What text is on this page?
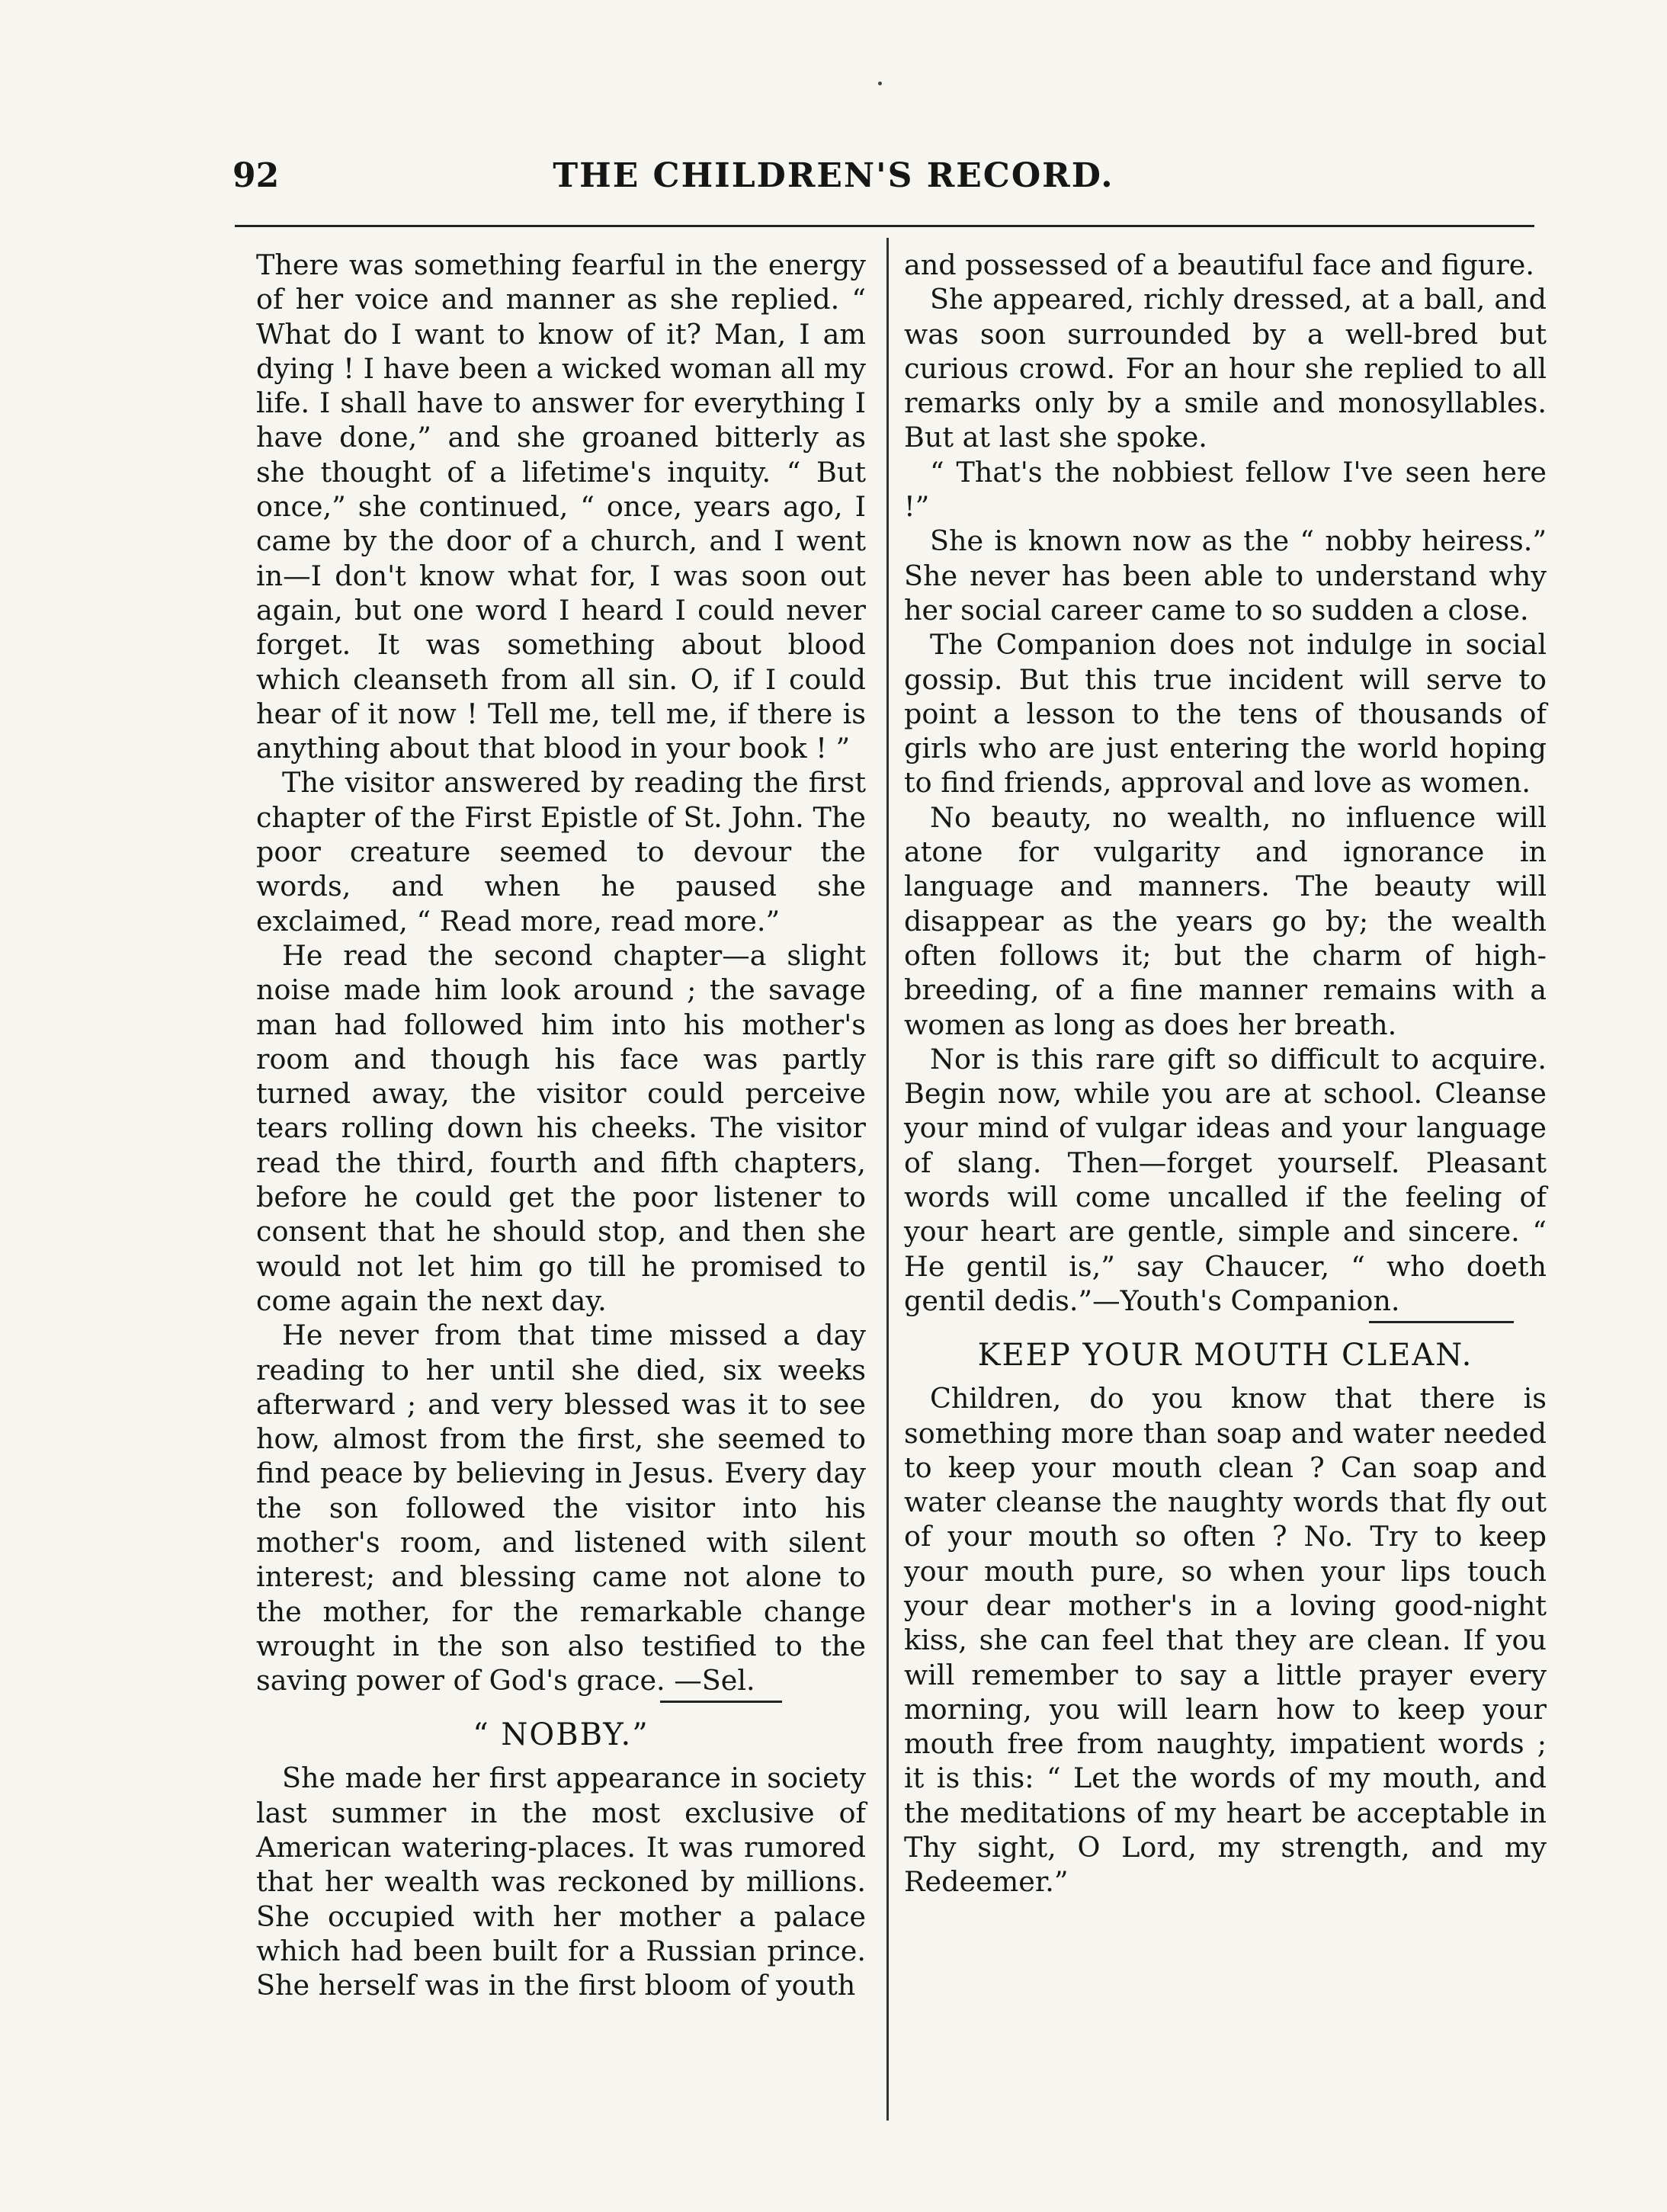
92	THE CHILDREN'S RECORD.

There was something fearful in the energy of her voice and manner as she replied. “ What do I want to know of it? Man, I am dying ! I have been a wicked woman all my life. I shall have to answer for everything I have done,” and she groaned bitterly as she thought of a lifetime's inquity. “ But once,” she continued, “ once, years ago, I came by the door of a church, and I went in—I don't know what for, I was soon out again, but one word I heard I could never forget. It was something about blood which cleanseth from all sin. O, if I could hear of it now ! Tell me, tell me, if there is anything about that blood in your book ! ”

The visitor answered by reading the first chapter of the First Epistle of St. John. The poor creature seemed to devour the words, and when he paused she exclaimed, “ Read more, read more.”

He read the second chapter—a slight noise made him look around ; the savage man had followed him into his mother's room and though his face was partly turned away, the visitor could perceive tears rolling down his cheeks. The visitor read the third, fourth and fifth chapters, before he could get the poor listener to consent that he should stop, and then she would not let him go till he promised to come again the next day.

He never from that time missed a day reading to her until she died, six weeks afterward ; and very blessed was it to see how, almost from the first, she seemed to find peace by believing in Jesus. Every day the son followed the visitor into his mother's room, and listened with silent interest; and blessing came not alone to the mother, for the remarkable change wrought in the son also testified to the saving power of God's grace. —Sel.

“ NOBBY.”

She made her first appearance in society last summer in the most exclusive of American watering-places. It was rumored that her wealth was reckoned by millions. She occupied with her mother a palace which had been built for a Russian prince. She herself was in the first bloom of youth

and possessed of a beautiful face and figure.

She appeared, richly dressed, at a ball, and was soon surrounded by a well-bred but curious crowd. For an hour she replied to all remarks only by a smile and monosyllables. But at last she spoke.

“ That's the nobbiest fellow I've seen here !”

She is known now as the “ nobby heiress.” She never has been able to understand why her social career came to so sudden a close.

The Companion does not indulge in social gossip. But this true incident will serve to point a lesson to the tens of thousands of girls who are just entering the world hoping to find friends, approval and love as women.

No beauty, no wealth, no influence will atone for vulgarity and ignorance in language and manners. The beauty will disappear as the years go by; the wealth often follows it; but the charm of high-breeding, of a fine manner remains with a women as long as does her breath.

Nor is this rare gift so difficult to acquire. Begin now, while you are at school. Cleanse your mind of vulgar ideas and your language of slang. Then—forget yourself. Pleasant words will come uncalled if the feeling of your heart are gentle, simple and sincere. “ He gentil is,” say Chaucer, “ who doeth gentil dedis.”—Youth's Companion.

KEEP YOUR MOUTH CLEAN.

Children, do you know that there is something more than soap and water needed to keep your mouth clean ? Can soap and water cleanse the naughty words that fly out of your mouth so often ? No. Try to keep your mouth pure, so when your lips touch your dear mother's in a loving good-night kiss, she can feel that they are clean. If you will remember to say a little prayer every morning, you will learn how to keep your mouth free from naughty, impatient words ; it is this: “ Let the words of my mouth, and the meditations of my heart be acceptable in Thy sight, O Lord, my strength, and my Redeemer.”
